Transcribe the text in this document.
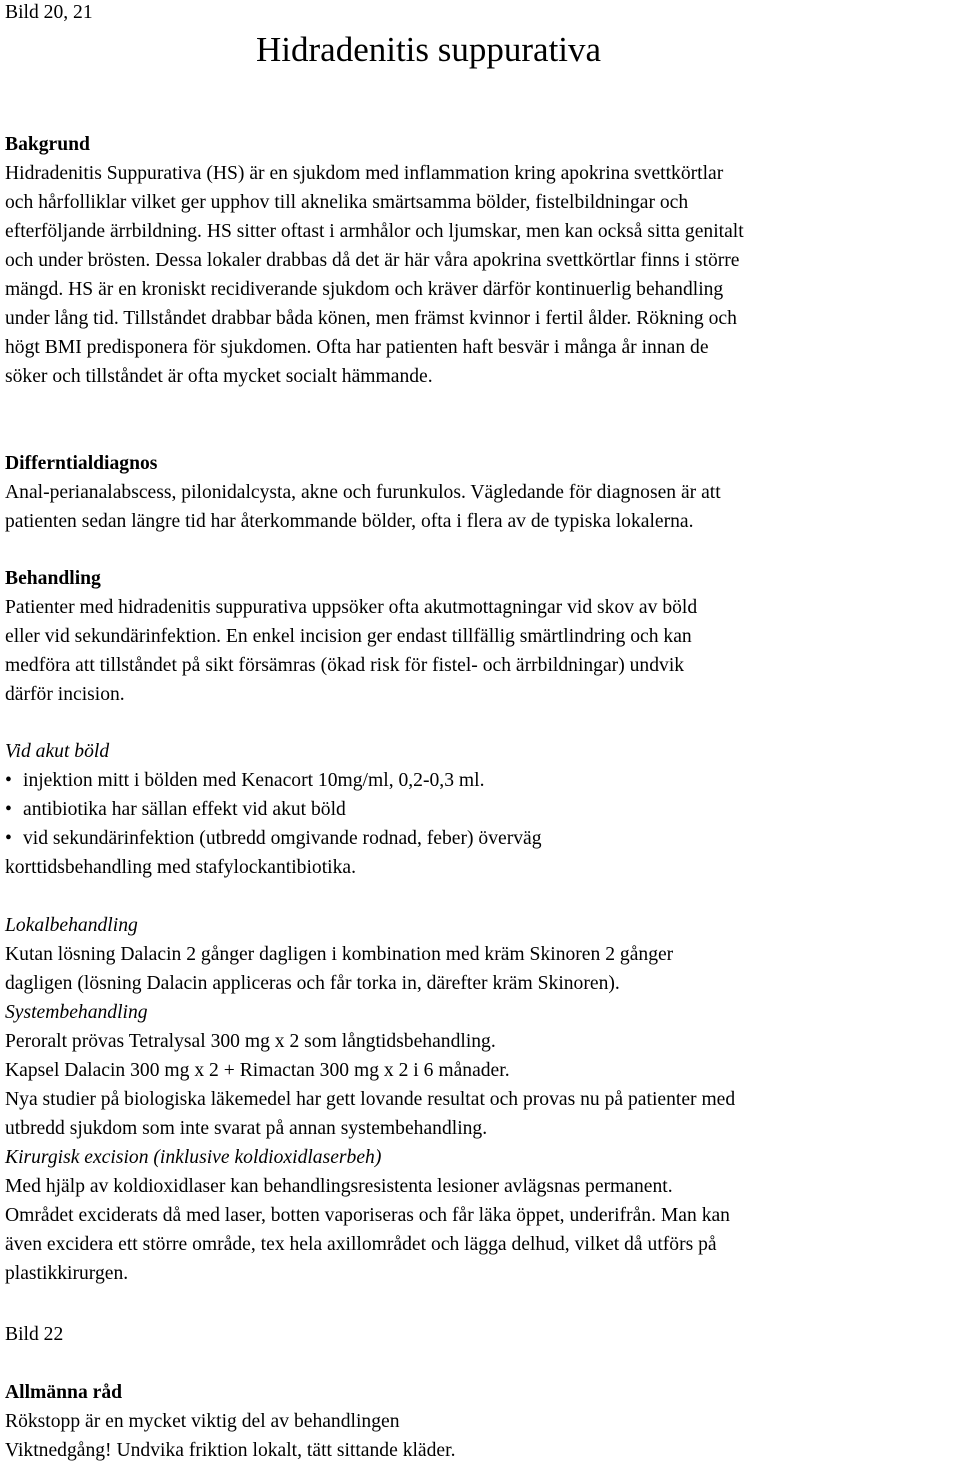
Bild 20, 21
Hidradenitis suppurativa
Bakgrund
Hidradenitis Suppurativa (HS) är en sjukdom med inflammation kring apokrina svettkörtlar
och hårfolliklar vilket ger upphov till aknelika smärtsamma bölder, fistelbildningar och
efterföljande ärrbildning. HS sitter oftast i armhålor och ljumskar, men kan också sitta genitalt
och under brösten. Dessa lokaler drabbas då det är här våra apokrina svettkörtlar finns i större
mängd. HS är en kroniskt recidiverande sjukdom och kräver därför kontinuerlig behandling
under lång tid. Tillståndet drabbar båda könen, men främst kvinnor i fertil ålder. Rökning och
högt BMI predisponera för sjukdomen. Ofta har patienten haft besvär i många år innan de
söker och tillståndet är ofta mycket socialt hämmande.
Differntialdiagnos
Anal-perianalabscess, pilonidalcysta, akne och furunkulos. Vägledande för diagnosen är att
patienten sedan längre tid har återkommande bölder, ofta i flera av de typiska lokalerna.
Behandling
Patienter med hidradenitis suppurativa uppsöker ofta akutmottagningar vid skov av böld
eller vid sekundärinfektion. En enkel incision ger endast tillfällig smärtlindring och kan
medföra att tillståndet på sikt försämras (ökad risk för fistel- och ärrbildningar) undvik
därför incision.
Vid akut böld
• injektion mitt i bölden med Kenacort 10mg/ml, 0,2-0,3 ml.
• antibiotika har sällan effekt vid akut böld
• vid sekundärinfektion (utbredd omgivande rodnad, feber) överväg
korttidsbehandling med stafylockantibiotika.
Lokalbehandling
Kutan lösning Dalacin 2 gånger dagligen i kombination med kräm Skinoren 2 gånger
dagligen (lösning Dalacin appliceras och får torka in, därefter kräm Skinoren).
Systembehandling
Peroralt prövas Tetralysal 300 mg x 2 som långtidsbehandling.
Kapsel Dalacin 300 mg x 2 + Rimactan 300 mg x 2 i 6 månader.
Nya studier på biologiska läkemedel har gett lovande resultat och provas nu på patienter med
utbredd sjukdom som inte svarat på annan systembehandling.
Kirurgisk excision (inklusive koldioxidlaserbeh)
Med hjälp av koldioxidlaser kan behandlingsresistenta lesioner avlägsnas permanent.
Området exciderats då med laser, botten vaporiseras och får läka öppet, underifrån. Man kan
även excidera ett större område, tex hela axillområdet och lägga delhud, vilket då utförs på
plastikkirurgen.
Bild 22
Allmänna råd
Rökstopp är en mycket viktig del av behandlingen
Viktnedgång! Undvika friktion lokalt, tätt sittande kläder.
